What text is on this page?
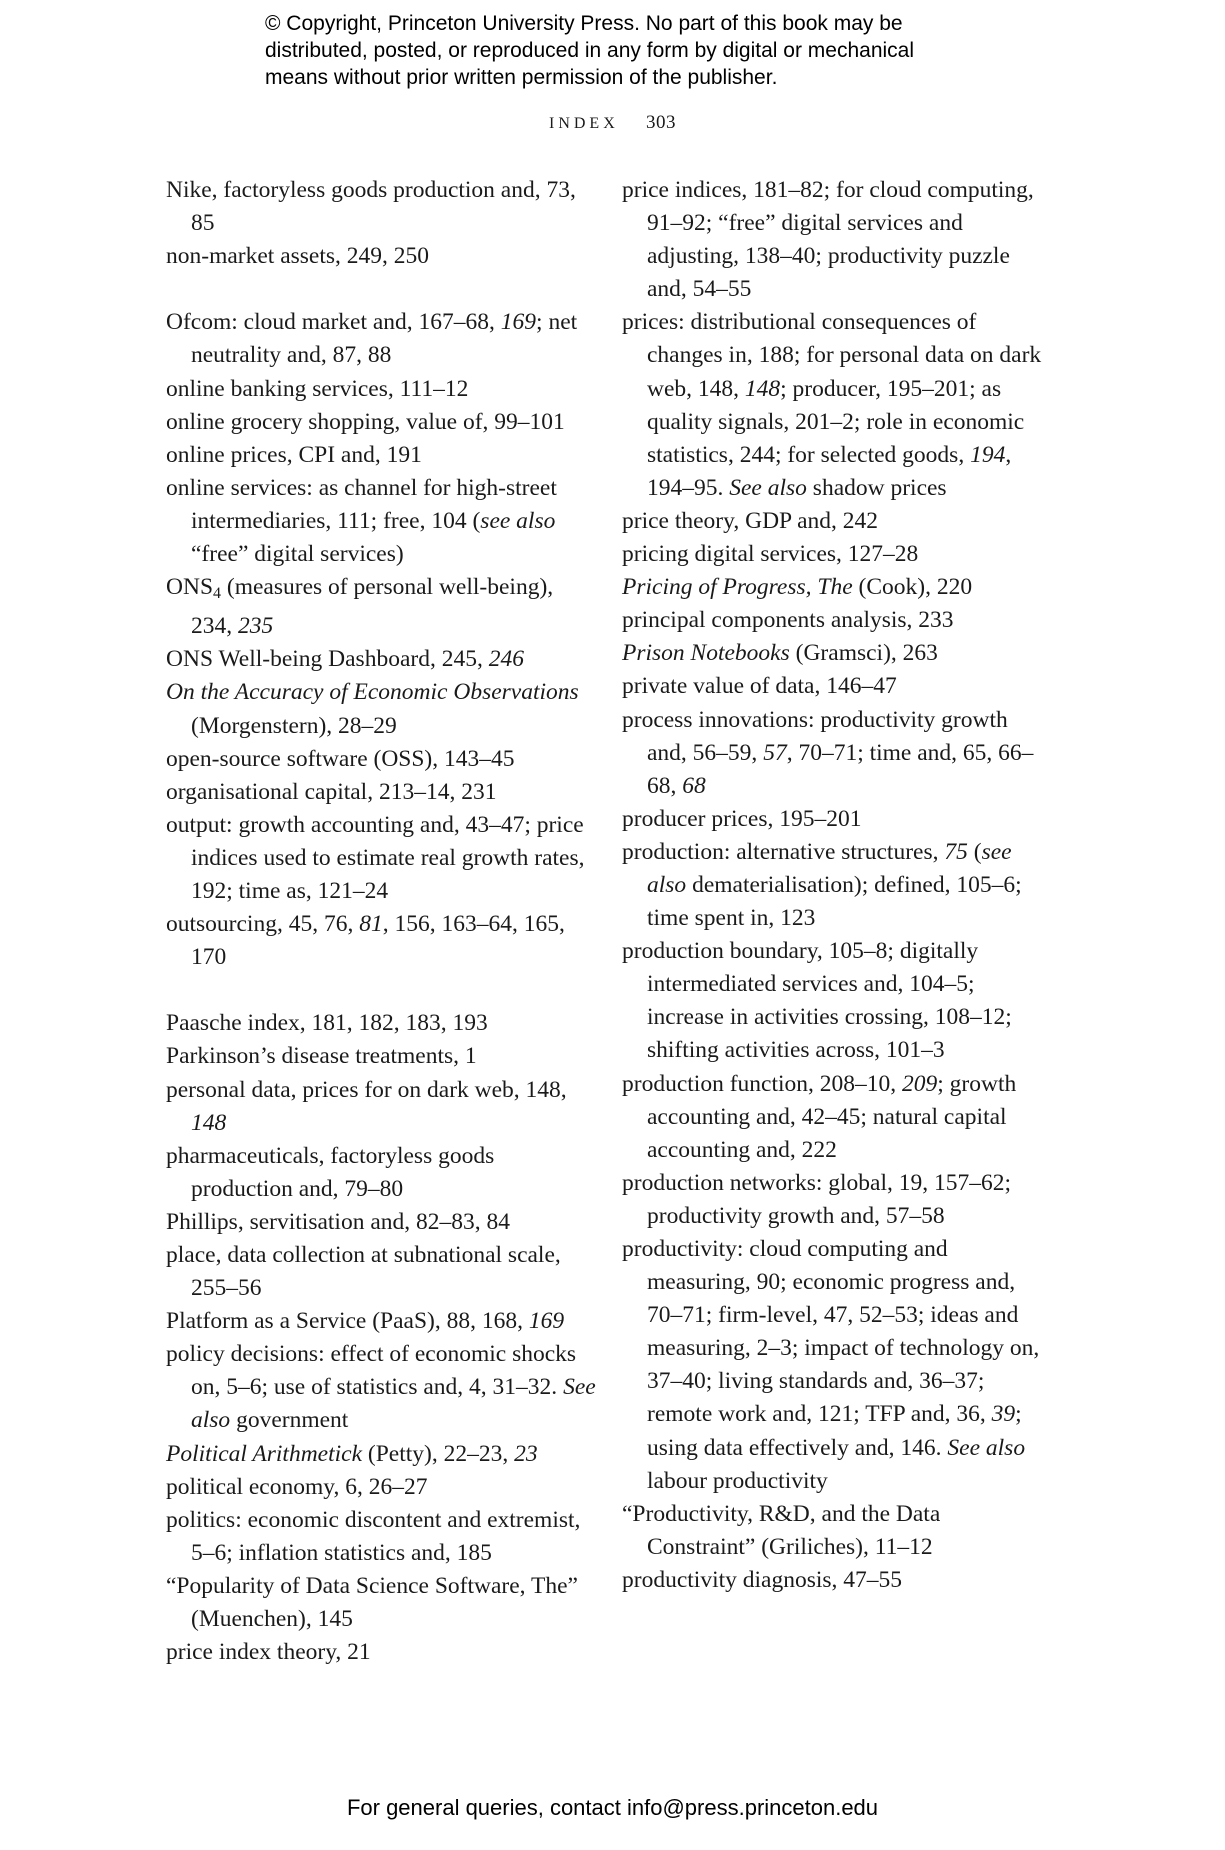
© Copyright, Princeton University Press. No part of this book may be
distributed, posted, or reproduced in any form by digital or mechanical
means without prior written permission of the publisher.
INDEX 303

Nike, factoryless goods production and, 73, 85

non-market assets, 249, 250

Ofcom: cloud market and, 167–68, 169; net neutrality and, 87, 88

online banking services, 111–12

online grocery shopping, value of, 99–101

online prices, CPI and, 191

online services: as channel for high-street intermediaries, 111; free, 104 (see also “free” digital services)

$ONS_4$ (measures of personal well-being), 234, 235

ONS Well-being Dashboard, 245, 246

On the Accuracy of Economic Observations (Morgenstern), 28–29

open-source software (OSS), 143–45

organisational capital, 213–14, 231

output: growth accounting and, 43–47; price indices used to estimate real growth rates, 192; time as, 121–24

outsourcing, 45, 76, 81, 156, 163–64, 165, 170

Paasche index, 181, 182, 183, 193

Parkinson’s disease treatments, 1

personal data, prices for on dark web, 148, 148

pharmaceuticals, factoryless goods production and, 79–80

Phillips, servitisation and, 82–83, 84

place, data collection at subnational scale, 255–56

Platform as a Service (PaaS), 88, 168, 169

policy decisions: effect of economic shocks on, 5–6; use of statistics and, 4, 31–32. See also government

Political Arithmetick (Petty), 22–23, 23

political economy, 6, 26–27

politics: economic discontent and extremist, 5–6; inflation statistics and, 185

“Popularity of Data Science Software, The” (Muenchen), 145

price index theory, 21

price indices, 181–82; for cloud computing, 91–92; “free” digital services and adjusting, 138–40; productivity puzzle and, 54–55

prices: distributional consequences of changes in, 188; for personal data on dark web, 148, 148; producer, 195–201; as quality signals, 201–2; role in economic statistics, 244; for selected goods, 194, 194–95. See also shadow prices

price theory, GDP and, 242

pricing digital services, 127–28

Pricing of Progress, The (Cook), 220

principal components analysis, 233

Prison Notebooks (Gramsci), 263

private value of data, 146–47

process innovations: productivity growth and, 56–59, 57, 70–71; time and, 65, 66–68, 68

producer prices, 195–201

production: alternative structures, 75 (see also dematerialisation); defined, 105–6; time spent in, 123

production boundary, 105–8; digitally intermediated services and, 104–5; increase in activities crossing, 108–12; shifting activities across, 101–3

production function, 208–10, 209; growth accounting and, 42–45; natural capital accounting and, 222

production networks: global, 19, 157–62; productivity growth and, 57–58

productivity: cloud computing and measuring, 90; economic progress and, 70–71; firm-level, 47, 52–53; ideas and measuring, 2–3; impact of technology on, 37–40; living standards and, 36–37; remote work and, 121; TFP and, 36, 39; using data effectively and, 146. See also labour productivity

“Productivity, R&D, and the Data Constraint” (Griliches), 11–12

productivity diagnosis, 47–55

For general queries, contact info@press.princeton.edu
